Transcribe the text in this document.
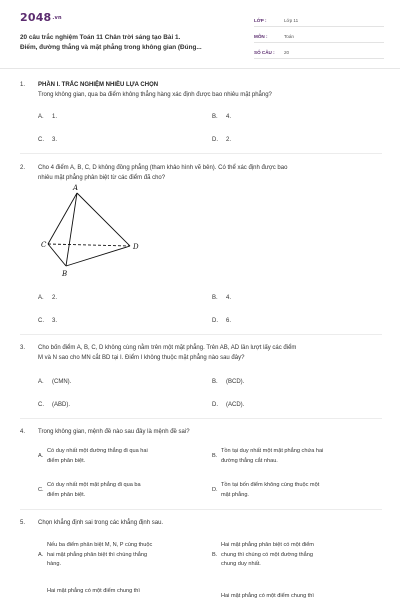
2048.vn
20 câu trắc nghiệm Toán 11 Chân trời sáng tạo Bài 1.
Điểm, đường thẳng và mặt phẳng trong không gian (Đúng...
LỚP :	Lớp 11
MÔN :	Toán
SỐ CÂU : 20
1. PHẦN I. TRẮC NGHIỆM NHIỀU LỰA CHỌN
Trong không gian, qua ba điểm không thẳng hàng xác định được bao nhiêu mặt phẳng?
A. 1.	B. 4.
C. 3.	D. 2.
2. Cho 4 điểm A, B, C, D không đồng phẳng (tham khảo hình vẽ bên). Có thể xác định được bao
nhiêu mặt phẳng phân biệt từ các điểm đã cho?
A
C
B
D
A. 2.	B. 4.
C. 3.	D. 6.
3. Cho bốn điểm A, B, C, D không cùng nằm trên một mặt phẳng. Trên AB, AD lần lượt lấy các điểm
M và N sao cho MN cắt BD tại I. Điểm I không thuộc mặt phẳng nào sau đây?
A. (CMN).	B. (BCD).
C. (ABD).	D. (ACD).
4. Trong không gian, mệnh đề nào sau đây là mệnh đề sai?
A.
Có duy nhất một đường thẳng đi qua hai
điểm phân biệt.
B.
Tồn tại duy nhất một mặt phẳng chứa hai
đường thẳng cắt nhau.
C.
Có duy nhất một mặt phẳng đi qua ba
điểm phân biệt.
D.
Tồn tại bốn điểm không cùng thuộc một
mặt phẳng.
5. Chọn khẳng định sai trong các khẳng định sau.
A.
Nếu ba điểm phân biệt M, N, P cùng thuộc
hai mặt phẳng phân biệt thì chúng thẳng
hàng.
B.
Hai mặt phẳng phân biệt có một điểm
chung thì chúng có một đường thẳng
chung duy nhất.
Hai mặt phẳng có một điểm chung thì
Hai mặt phẳng có một điểm chung thì
